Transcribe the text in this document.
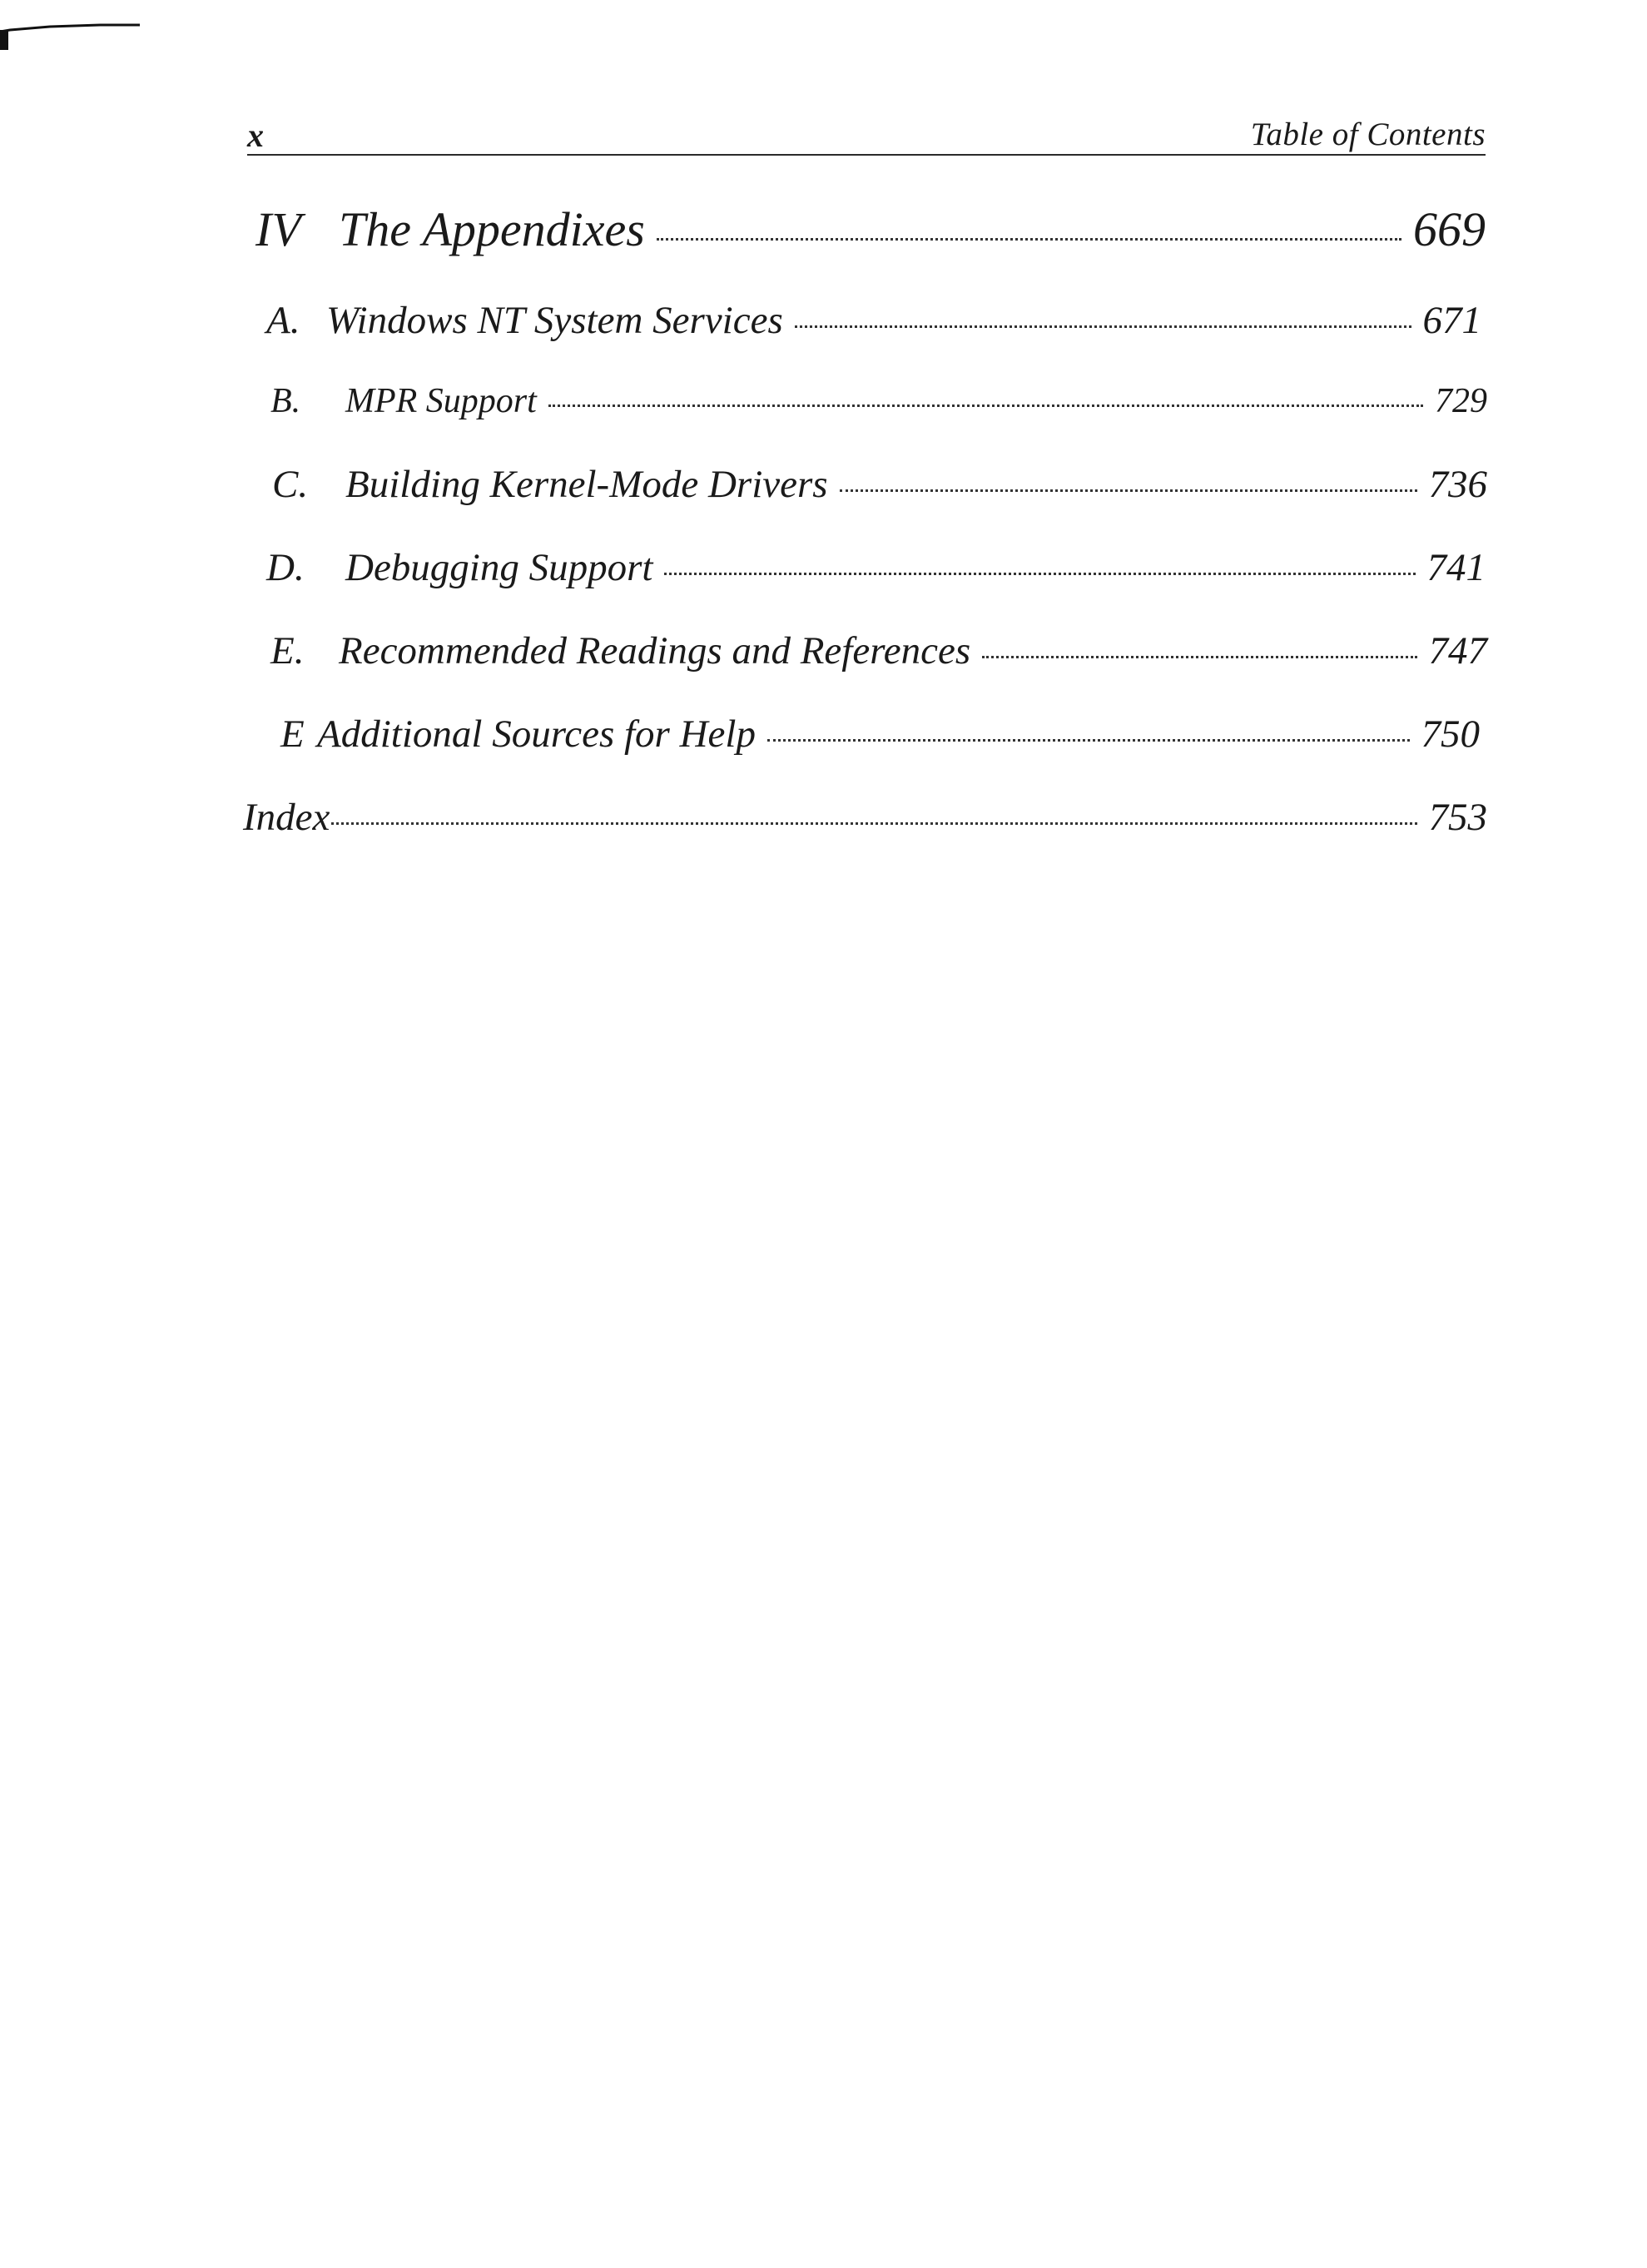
x	Table of Contents
IV The Appendixes	669
A. Windows NT System Services	671
B.	MPR Support	729
C. Building Kernel-Mode Drivers	736
D.	Debugging Support	741
E. Recommended Readings and References	747
E Additional Sources for Help	750
Index	753
